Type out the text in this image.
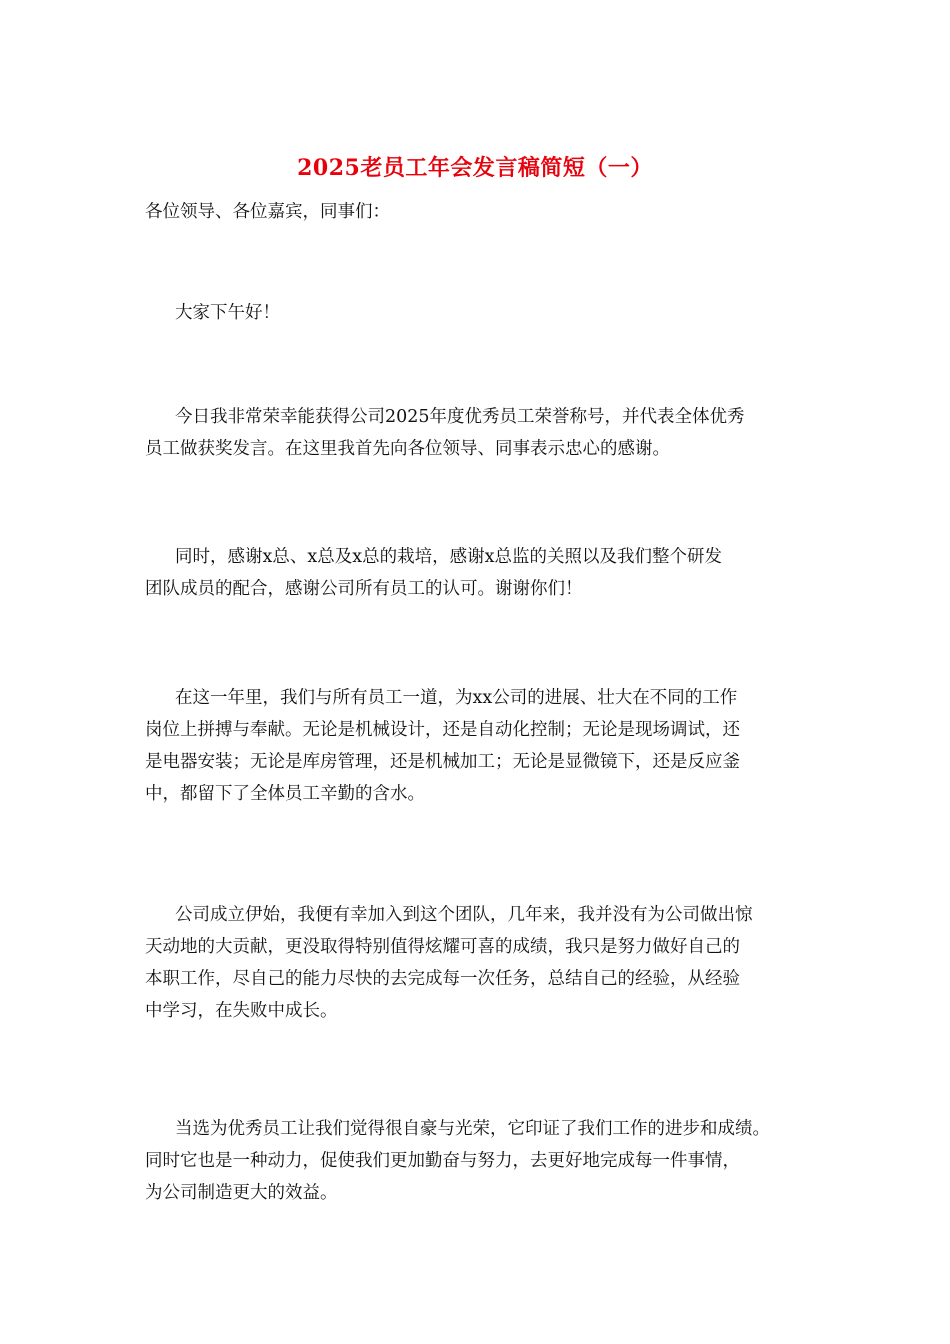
2025老员工年会发言稿简短（一）

各位领导、各位嘉宾，同事们：

大家下午好！

今日我非常荣幸能获得公司2025年度优秀员工荣誉称号，并代表全体优秀
员工做获奖发言。在这里我首先向各位领导、同事表示忠心的感谢。

同时，感谢x总、x总及x总的栽培，感谢x总监的关照以及我们整个研发
团队成员的配合，感谢公司所有员工的认可。谢谢你们！

在这一年里，我们与所有员工一道，为xx公司的进展、壮大在不同的工作
岗位上拼搏与奉献。无论是机械设计，还是自动化控制；无论是现场调试，还
是电器安装；无论是库房管理，还是机械加工；无论是显微镜下，还是反应釜
中，都留下了全体员工辛勤的含水。

公司成立伊始，我便有幸加入到这个团队，几年来，我并没有为公司做出惊
天动地的大贡献，更没取得特别值得炫耀可喜的成绩，我只是努力做好自己的
本职工作，尽自己的能力尽快的去完成每一次任务，总结自己的经验，从经验
中学习，在失败中成长。

当选为优秀员工让我们觉得很自豪与光荣，它印证了我们工作的进步和成绩。
同时它也是一种动力，促使我们更加勤奋与努力，去更好地完成每一件事情，
为公司制造更大的效益。
